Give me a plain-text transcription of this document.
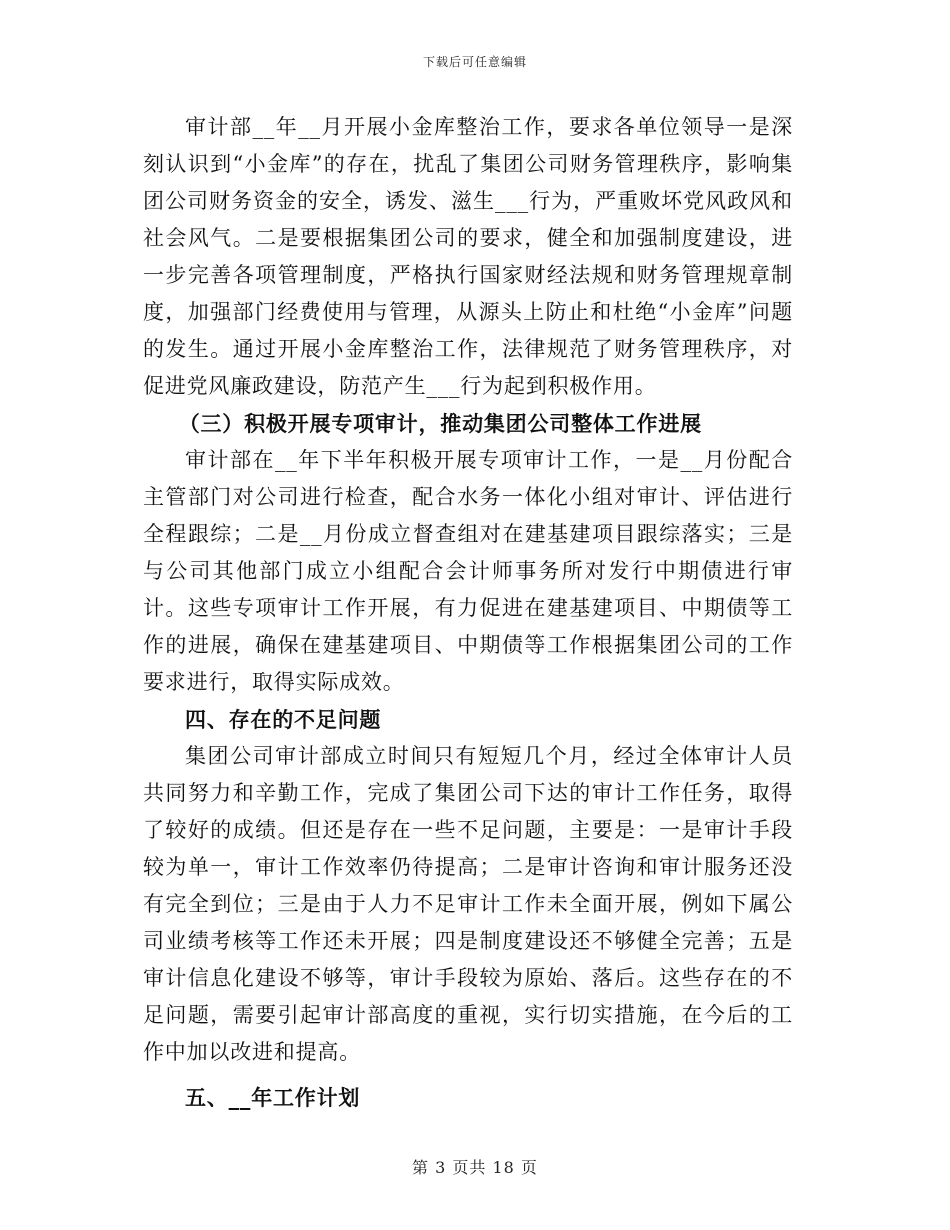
下载后可任意编辑

审计部__年__月开展小金库整治工作，要求各单位领导一是深刻认识到“小金库”的存在，扰乱了集团公司财务管理秩序，影响集团公司财务资金的安全，诱发、滋生___行为，严重败坏党风政风和社会风气。二是要根据集团公司的要求，健全和加强制度建设，进一步完善各项管理制度，严格执行国家财经法规和财务管理规章制度，加强部门经费使用与管理，从源头上防止和杜绝“小金库”问题的发生。通过开展小金库整治工作，法律规范了财务管理秩序，对促进党风廉政建设，防范产生___行为起到积极作用。

（三）积极开展专项审计，推动集团公司整体工作进展

审计部在__年下半年积极开展专项审计工作，一是__月份配合主管部门对公司进行检查，配合水务一体化小组对审计、评估进行全程跟综；二是__月份成立督查组对在建基建项目跟综落实；三是与公司其他部门成立小组配合会计师事务所对发行中期债进行审计。这些专项审计工作开展，有力促进在建基建项目、中期债等工作的进展，确保在建基建项目、中期债等工作根据集团公司的工作要求进行，取得实际成效。

四、存在的不足问题

集团公司审计部成立时间只有短短几个月，经过全体审计人员共同努力和辛勤工作，完成了集团公司下达的审计工作任务，取得了较好的成绩。但还是存在一些不足问题，主要是：一是审计手段较为单一，审计工作效率仍待提高；二是审计咨询和审计服务还没有完全到位；三是由于人力不足审计工作未全面开展，例如下属公司业绩考核等工作还未开展；四是制度建设还不够健全完善；五是审计信息化建设不够等，审计手段较为原始、落后。这些存在的不足问题，需要引起审计部高度的重视，实行切实措施，在今后的工作中加以改进和提高。

五、__年工作计划
第 3 页共 18 页
